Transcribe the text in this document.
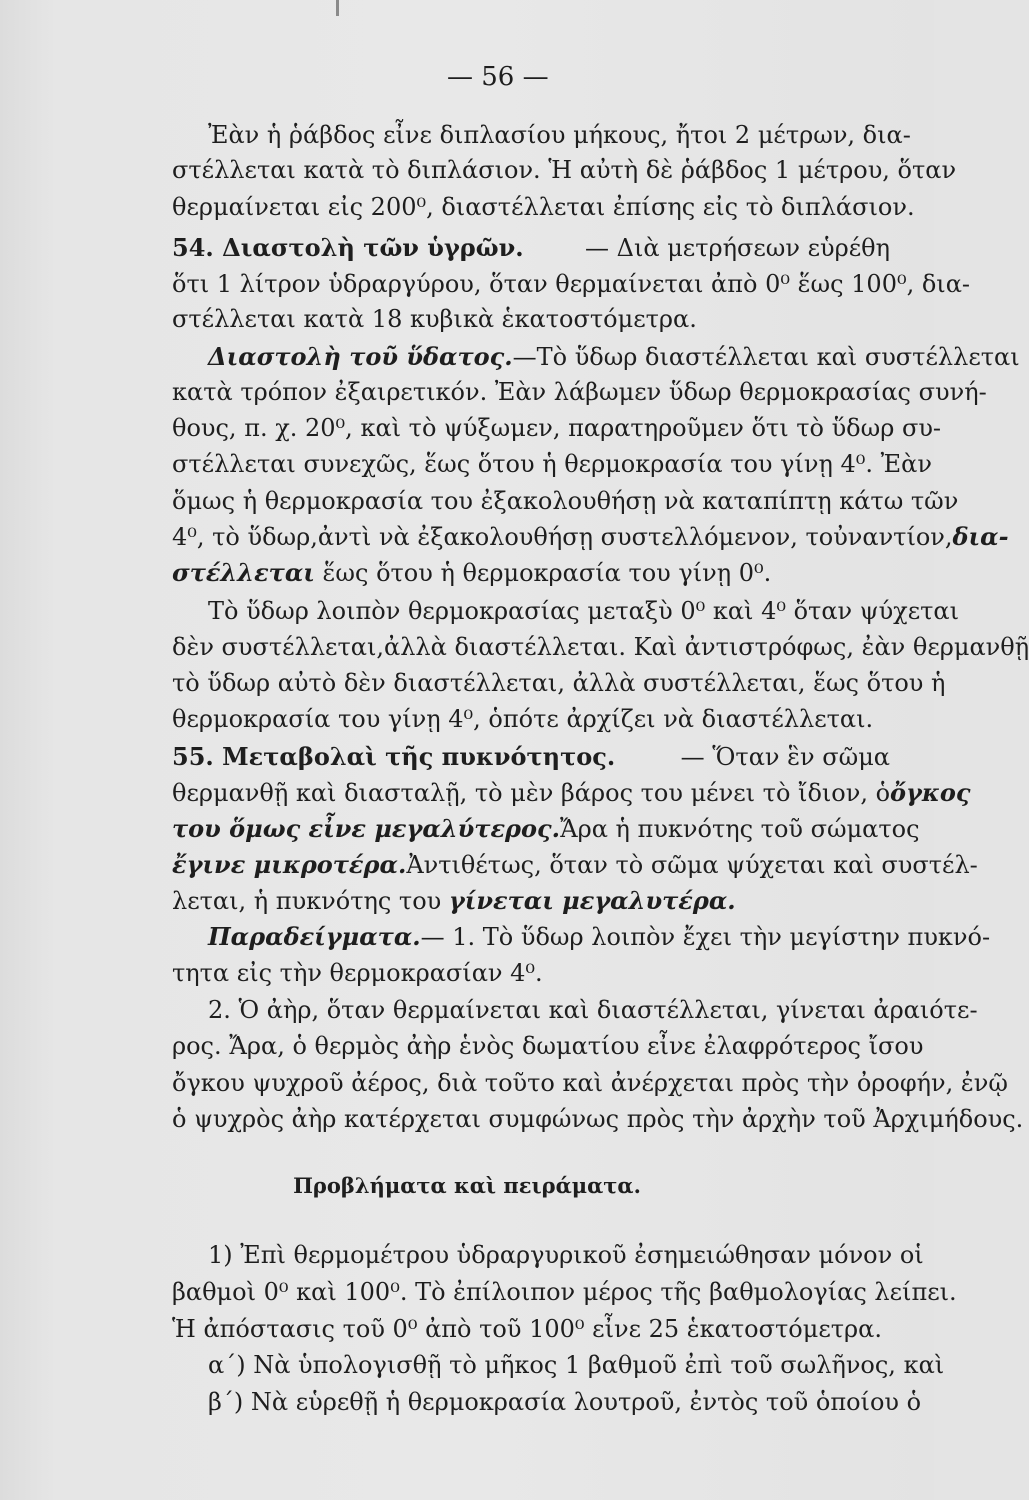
— 56 —
Ἐὰν ἡ ῥάβδος εἶνε διπλασίου μήκους, ἤτοι 2 μέτρων, δια-
στέλλεται κατὰ τὸ διπλάσιον. Ἡ αὐτὴ δὲ ῥάβδος 1 μέτρου, ὅταν
θερμαίνεται εἰς 200⁰, διαστέλλεται ἐπίσης εἰς τὸ διπλάσιον.
54. Διαστολὴ τῶν ὑγρῶν.	— Διὰ μετρήσεων εὑρέθη
ὅτι 1 λίτρον ὑδραργύρου, ὅταν θερμαίνεται ἀπὸ 0⁰ ἕως 100⁰, δια-
στέλλεται κατὰ 18 κυβικὰ ἑκατοστόμετρα.
Διαστολὴ τοῦ ὕδατος. —Τὸ ὕδωρ διαστέλλεται καὶ συστέλλεται
κατὰ τρόπον ἐξαιρετικόν. Ἐὰν λάβωμεν ὕδωρ θερμοκρασίας συνή-
θους, π. χ. 20⁰, καὶ τὸ ψύξωμεν, παρατηροῦμεν ὅτι τὸ ὕδωρ συ-
στέλλεται συνεχῶς, ἕως ὅτου ἡ θερμοκρασία του γίνῃ 4⁰. Ἐὰν
ὅμως ἡ θερμοκρασία του ἐξακολουθήσῃ νὰ καταπίπτῃ κάτω τῶν
4⁰, τὸ ὕδωρ,ἀντὶ νὰ ἐξακολουθήσῃ συστελλόμενον, τοὐναντίον, δια-
στέλλεται ἕως ὅτου ἡ θερμοκρασία του γίνῃ 0⁰.
Τὸ ὕδωρ λοιπὸν θερμοκρασίας μεταξὺ 0⁰ καὶ 4⁰ ὅταν ψύχεται
δὲν συστέλλεται,ἀλλὰ διαστέλλεται. Καὶ ἀντιστρόφως, ἐὰν θερμανθῇ
τὸ ὕδωρ αὐτὸ δὲν διαστέλλεται, ἀλλὰ συστέλλεται, ἕως ὅτου ἡ
θερμοκρασία του γίνῃ 4⁰, ὁπότε ἀρχίζει νὰ διαστέλλεται.
55. Μεταβολαὶ τῆς πυκνότητος.	— Ὅταν ἓν σῶμα
θερμανθῇ καὶ διασταλῇ, τὸ μὲν βάρος του μένει τὸ ἴδιον, ὁ ὄγκος
του ὅμως εἶνε μεγαλύτερος. Ἄρα ἡ πυκνότης τοῦ σώματος
ἔγινε μικροτέρα. Ἀντιθέτως, ὅταν τὸ σῶμα ψύχεται καὶ συστέλ-
λεται, ἡ πυκνότης του γίνεται μεγαλυτέρα.
Παραδείγματα. — 1. Τὸ ὕδωρ λοιπὸν ἔχει τὴν μεγίστην πυκνό-
τητα εἰς τὴν θερμοκρασίαν 4⁰.
2. Ὁ ἀὴρ, ὅταν θερμαίνεται καὶ διαστέλλεται, γίνεται ἀραιότε-
ρος. Ἄρα, ὁ θερμὸς ἀὴρ ἑνὸς δωματίου εἶνε ἐλαφρότερος ἴσου
ὄγκου ψυχροῦ ἀέρος, διὰ τοῦτο καὶ ἀνέρχεται πρὸς τὴν ὀροφήν, ἐνῷ
ὁ ψυχρὸς ἀὴρ κατέρχεται συμφώνως πρὸς τὴν ἀρχὴν τοῦ Ἀρχιμήδους.
Προβλήματα καὶ πειράματα.
1) Ἐπὶ θερμομέτρου ὑδραργυρικοῦ ἐσημειώθησαν μόνον οἱ
βαθμοὶ 0⁰ καὶ 100⁰. Τὸ ἐπίλοιπον μέρος τῆς βαθμολογίας λείπει.
Ἡ ἀπόστασις τοῦ 0⁰ ἀπὸ τοῦ 100⁰ εἶνε 25 ἑκατοστόμετρα.
α΄) Νὰ ὑπολογισθῇ τὸ μῆκος 1 βαθμοῦ ἐπὶ τοῦ σωλῆνος, καὶ
β΄) Νὰ εὑρεθῇ ἡ θερμοκρασία λουτροῦ, ἐντὸς τοῦ ὁποίου ὁ
